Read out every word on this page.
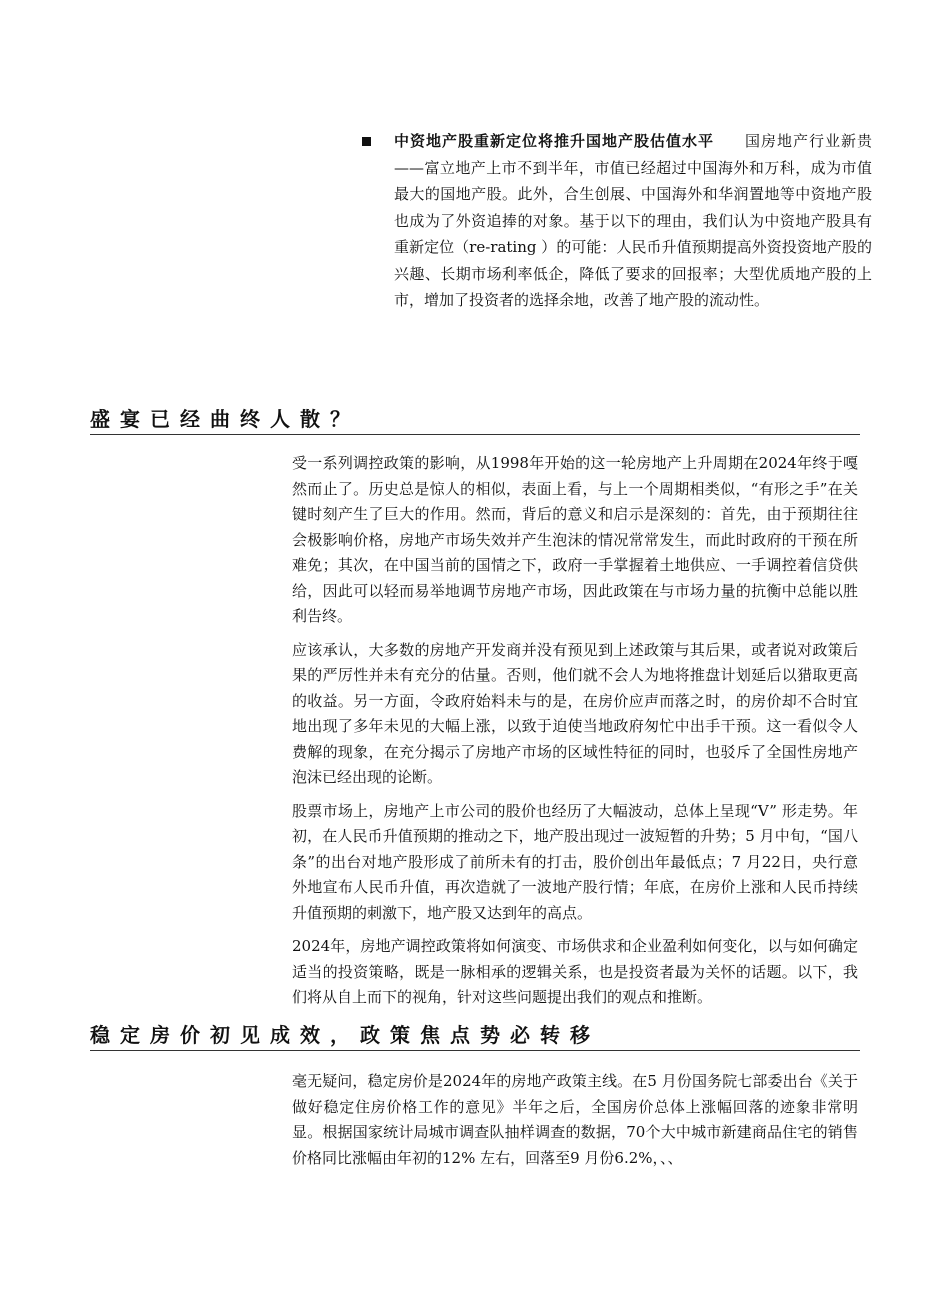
中资地产股重新定位将推升国地产股估值水平   国房地产行业新贵——富立地产上市不到半年，市值已经超过中国海外和万科，成为市值最大的国地产股。此外，合生创展、中国海外和华润置地等中资地产股也成为了外资追捧的对象。基于以下的理由，我们认为中资地产股具有重新定位（re-rating ）的可能：人民币升值预期提高外资投资地产股的兴趣、长期市场利率低企，降低了要求的回报率；大型优质地产股的上市，增加了投资者的选择余地，改善了地产股的流动性。
盛宴已经曲终人散？

受一系列调控政策的影响，从1998年开始的这一轮房地产上升周期在2024年终于嘎然而止了。历史总是惊人的相似，表面上看，与上一个周期相类似，“有形之手”在关键时刻产生了巨大的作用。然而，背后的意义和启示是深刻的：首先，由于预期往往会极影响价格，房地产市场失效并产生泡沫的情况常常发生，而此时政府的干预在所难免；其次，在中国当前的国情之下，政府一手掌握着土地供应、一手调控着信贷供给，因此可以轻而易举地调节房地产市场，因此政策在与市场力量的抗衡中总能以胜利告终。

应该承认，大多数的房地产开发商并没有预见到上述政策与其后果，或者说对政策后果的严厉性并未有充分的估量。否则，他们就不会人为地将推盘计划延后以猎取更高的收益。另一方面，令政府始料未与的是，在房价应声而落之时，的房价却不合时宜地出现了多年未见的大幅上涨，以致于迫使当地政府匆忙中出手干预。这一看似令人费解的现象，在充分揭示了房地产市场的区域性特征的同时，也驳斥了全国性房地产泡沫已经出现的论断。

股票市场上，房地产上市公司的股价也经历了大幅波动，总体上呈现“V” 形走势。年初，在人民币升值预期的推动之下，地产股出现过一波短暂的升势；5 月中旬，“国八条”的出台对地产股形成了前所未有的打击，股价创出年最低点；7 月22日，央行意外地宣布人民币升值，再次造就了一波地产股行情；年底，在房价上涨和人民币持续升值预期的刺激下，地产股又达到年的高点。

2024年，房地产调控政策将如何演变、市场供求和企业盈利如何变化，以与如何确定适当的投资策略，既是一脉相承的逻辑关系，也是投资者最为关怀的话题。以下，我们将从自上而下的视角，针对这些问题提出我们的观点和推断。

稳定房价初见成效，政策焦点势必转移

毫无疑问，稳定房价是2024年的房地产政策主线。在5 月份国务院七部委出台《关于做好稳定住房价格工作的意见》半年之后，全国房价总体上涨幅回落的迹象非常明显。根据国家统计局城市调查队抽样调查的数据，70个大中城市新建商品住宅的销售价格同比涨幅由年初的12% 左右，回落至9 月份6.2%，、、
